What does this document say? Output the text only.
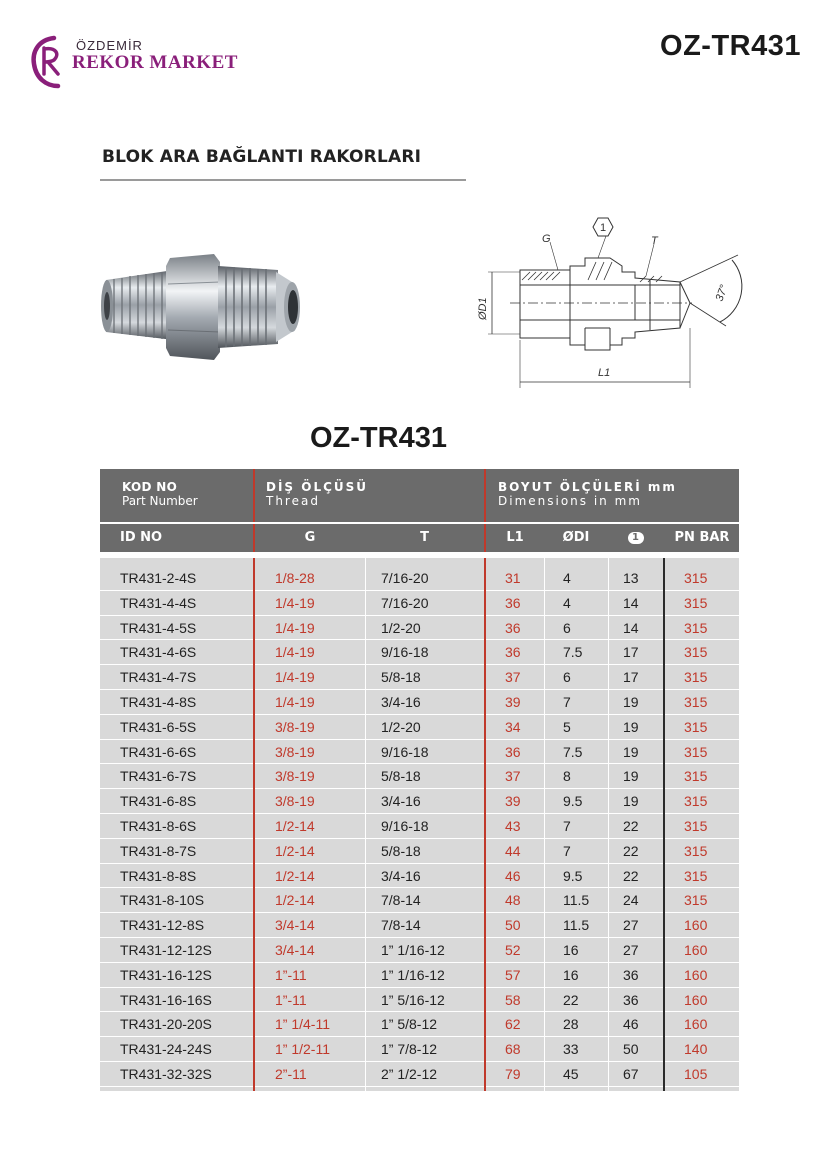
ÖZDEMİR
REKOR MARKET
OZ-TR431
BLOK ARA BAĞLANTI RAKORLARI
1
G	T
ØD1
L1
37°
OZ-TR431
KOD NO
Part Number
DİŞ ÖLÇÜSÜ
Thread
BOYUT ÖLÇÜLERİ mm
Dimensions in mm
ID NO	G	T	L1	ØDI	1	PN BAR
TR431-2-4S	1/8-28	7/16-20	31	4	13	315
TR431-4-4S	1/4-19	7/16-20	36	4	14	315
TR431-4-5S	1/4-19	1/2-20	36	6	14	315
TR431-4-6S	1/4-19	9/16-18	36	7.5	17	315
TR431-4-7S	1/4-19	5/8-18	37	6	17	315
TR431-4-8S	1/4-19	3/4-16	39	7	19	315
TR431-6-5S	3/8-19	1/2-20	34	5	19	315
TR431-6-6S	3/8-19	9/16-18	36	7.5	19	315
TR431-6-7S	3/8-19	5/8-18	37	8	19	315
TR431-6-8S	3/8-19	3/4-16	39	9.5	19	315
TR431-8-6S	1/2-14	9/16-18	43	7	22	315
TR431-8-7S	1/2-14	5/8-18	44	7	22	315
TR431-8-8S	1/2-14	3/4-16	46	9.5	22	315
TR431-8-10S	1/2-14	7/8-14	48	11.5	24	315
TR431-12-8S	3/4-14	7/8-14	50	11.5	27	160
TR431-12-12S	3/4-14	1” 1/16-12	52	16	27	160
TR431-16-12S	1”-11	1” 1/16-12	57	16	36	160
TR431-16-16S	1”-11	1” 5/16-12	58	22	36	160
TR431-20-20S	1” 1/4-11	1” 5/8-12	62	28	46	160
TR431-24-24S	1” 1/2-11	1” 7/8-12	68	33	50	140
TR431-32-32S	2”-11	2” 1/2-12	79	45	67	105
